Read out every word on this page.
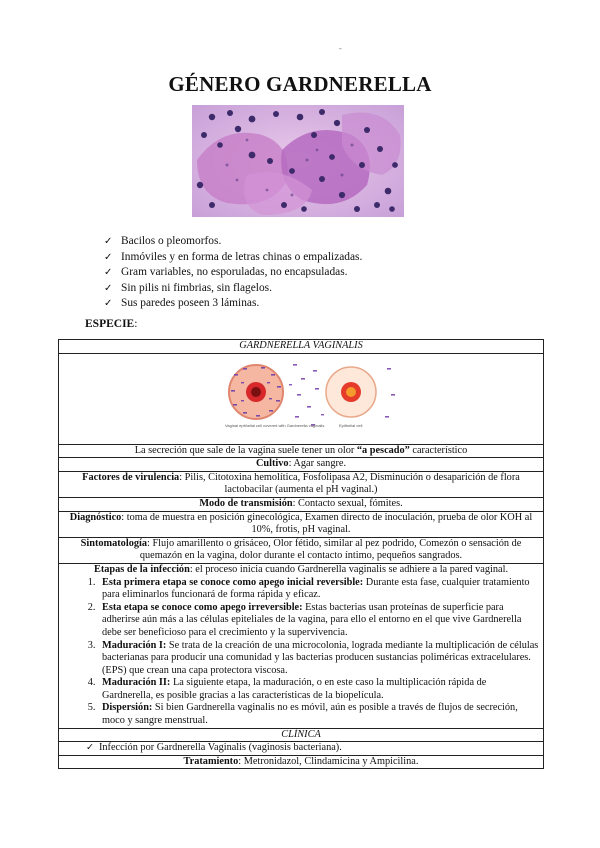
-
GÉNERO GARDNERELLA
✓ Bacilos o pleomorfos.
✓ Inmóviles y en forma de letras chinas o empalizadas.
✓ Gram variables, no esporuladas, no encapsuladas.
✓ Sin pilis ni fimbrias, sin flagelos.
✓ Sus paredes poseen 3 láminas.
ESPECIE:
GARDNERELLA VAGINALIS

Vaginal epithelial cell covered with Gardnerella vaginalis	Epithelial cell

La secreción que sale de la vagina suele tener un olor “a pescado” característico
Cultivo: Agar sangre.
Factores de virulencia: Pilis, Citotoxina hemolítica, Fosfolipasa A2, Disminución o desaparición de flora lactobacilar (aumenta el pH vaginal.)
Modo de transmisión: Contacto sexual, fómites.
Diagnóstico: toma de muestra en posición ginecológica, Examen directo de inoculación, prueba de olor KOH al 10%, frotis, pH vaginal.
Sintomatología: Flujo amarillento o grisáceo, Olor fétido, similar al pez podrido, Comezón o sensación de quemazón en la vagina, dolor durante el contacto íntimo, pequeños sangrados.

Etapas de la infección: el proceso inicia cuando Gardnerella vaginalis se adhiere a la pared vaginal.
1. Esta primera etapa se conoce como apego inicial reversible: Durante esta fase, cualquier tratamiento para eliminarlos funcionará de forma rápida y eficaz.
2. Esta etapa se conoce como apego irreversible: Estas bacterias usan proteínas de superficie para adherirse aún más a las células epiteliales de la vagina, para ello el entorno en el que vive Gardnerella debe ser beneficioso para el crecimiento y la supervivencia.
3. Maduración I: Se trata de la creación de una microcolonia, lograda mediante la multiplicación de células bacterianas para producir una comunidad y las bacterias producen sustancias poliméricas extracelulares. (EPS) que crean una capa protectora viscosa.
4. Maduración II: La siguiente etapa, la maduración, o en este caso la multiplicación rápida de Gardnerella, es posible gracias a las características de la biopelícula.
5. Dispersión: Si bien Gardnerella vaginalis no es móvil, aún es posible a través de flujos de secreción, moco y sangre menstrual.

CLÍNICA
✓ Infección por Gardnerella Vaginalis (vaginosis bacteriana).
Tratamiento: Metronidazol, Clindamicina y Ampicilina.
